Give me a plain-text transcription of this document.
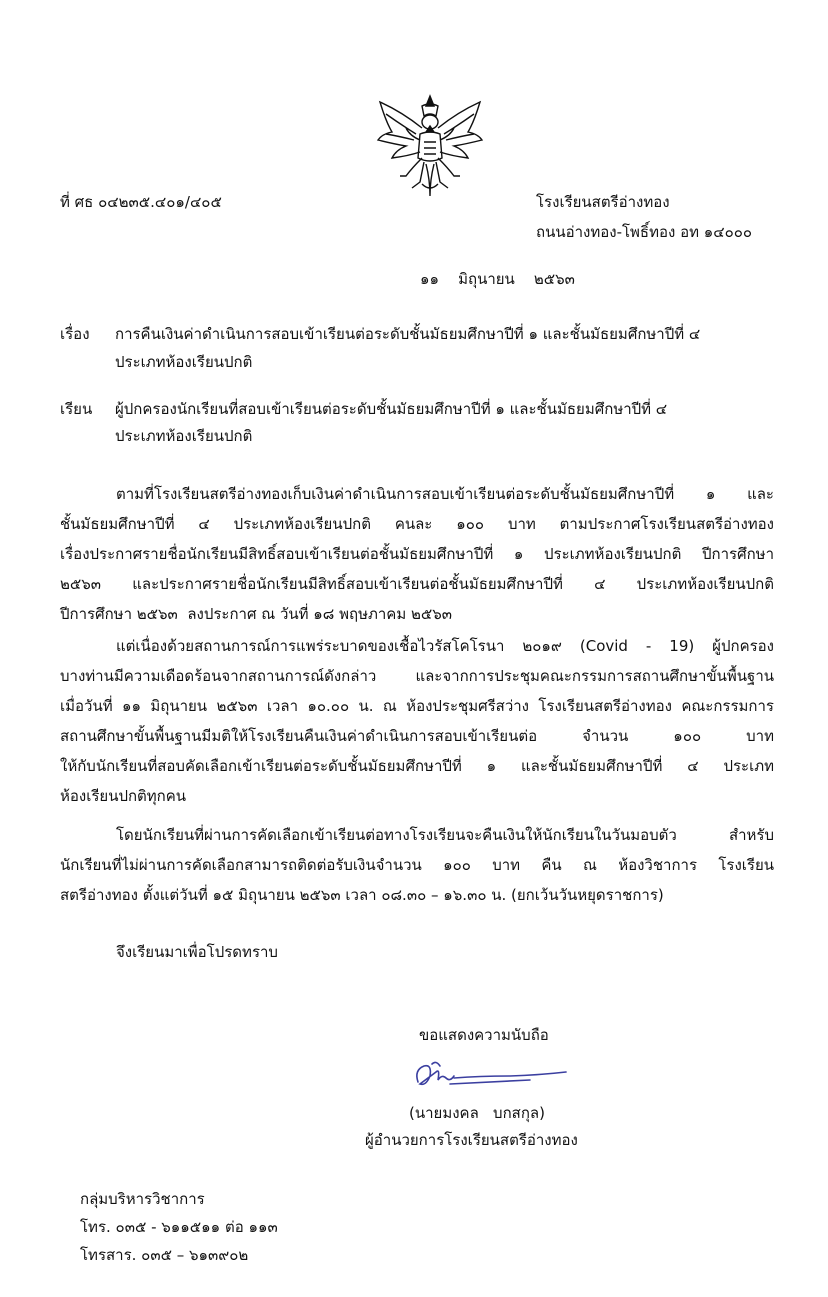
ที่ ศธ ๐๔๒๓๕.๔๐๑/๔๐๕	โรงเรียนสตรีอ่างทอง
ถนนอ่างทอง-โพธิ์ทอง อท ๑๔๐๐๐
๑๑    มิถุนายน    ๒๕๖๓
เรื่อง การคืนเงินค่าดำเนินการสอบเข้าเรียนต่อระดับชั้นมัธยมศึกษาปีที่ ๑ และชั้นมัธยมศึกษาปีที่ ๔
ประเภทห้องเรียนปกติ
เรียน ผู้ปกครองนักเรียนที่สอบเข้าเรียนต่อระดับชั้นมัธยมศึกษาปีที่ ๑ และชั้นมัธยมศึกษาปีที่ ๔
ประเภทห้องเรียนปกติ
ตามที่โรงเรียนสตรีอ่างทองเก็บเงินค่าดำเนินการสอบเข้าเรียนต่อระดับชั้นมัธยมศึกษาปีที่ ๑ และ
ชั้นมัธยมศึกษาปีที่ ๔ ประเภทห้องเรียนปกติ คนละ ๑๐๐ บาท ตามประกาศโรงเรียนสตรีอ่างทอง
เรื่องประกาศรายชื่อนักเรียนมีสิทธิ์สอบเข้าเรียนต่อชั้นมัธยมศึกษาปีที่ ๑ ประเภทห้องเรียนปกติ ปีการศึกษา
๒๕๖๓ และประกาศรายชื่อนักเรียนมีสิทธิ์สอบเข้าเรียนต่อชั้นมัธยมศึกษาปีที่ ๔ ประเภทห้องเรียนปกติ
ปีการศึกษา ๒๕๖๓  ลงประกาศ ณ วันที่ ๑๘ พฤษภาคม ๒๕๖๓
แต่เนื่องด้วยสถานการณ์การแพร่ระบาดของเชื้อไวรัสโคโรนา ๒๐๑๙ (Covid - 19) ผู้ปกครอง
บางท่านมีความเดือดร้อนจากสถานการณ์ดังกล่าว และจากการประชุมคณะกรรมการสถานศึกษาขั้นพื้นฐาน
เมื่อวันที่ ๑๑ มิถุนายน ๒๕๖๓ เวลา ๑๐.๐๐ น. ณ ห้องประชุมศรีสว่าง โรงเรียนสตรีอ่างทอง คณะกรรมการ
สถานศึกษาขั้นพื้นฐานมีมติให้โรงเรียนคืนเงินค่าดำเนินการสอบเข้าเรียนต่อ จำนวน ๑๐๐ บาท
ให้กับนักเรียนที่สอบคัดเลือกเข้าเรียนต่อระดับชั้นมัธยมศึกษาปีที่ ๑ และชั้นมัธยมศึกษาปีที่ ๔ ประเภท
ห้องเรียนปกติทุกคน
โดยนักเรียนที่ผ่านการคัดเลือกเข้าเรียนต่อทางโรงเรียนจะคืนเงินให้นักเรียนในวันมอบตัว สำหรับ
นักเรียนที่ไม่ผ่านการคัดเลือกสามารถติดต่อรับเงินจำนวน ๑๐๐ บาท คืน ณ ห้องวิชาการ โรงเรียน
สตรีอ่างทอง ตั้งแต่วันที่ ๑๕ มิถุนายน ๒๕๖๓ เวลา ๐๘.๓๐ – ๑๖.๓๐ น. (ยกเว้นวันหยุดราชการ)
จึงเรียนมาเพื่อโปรดทราบ
ขอแสดงความนับถือ
(นายมงคล   บกสกุล)
ผู้อำนวยการโรงเรียนสตรีอ่างทอง
กลุ่มบริหารวิชาการ
โทร. ๐๓๕ - ๖๑๑๕๑๑ ต่อ ๑๑๓
โทรสาร. ๐๓๕ – ๖๑๓๙๐๒
